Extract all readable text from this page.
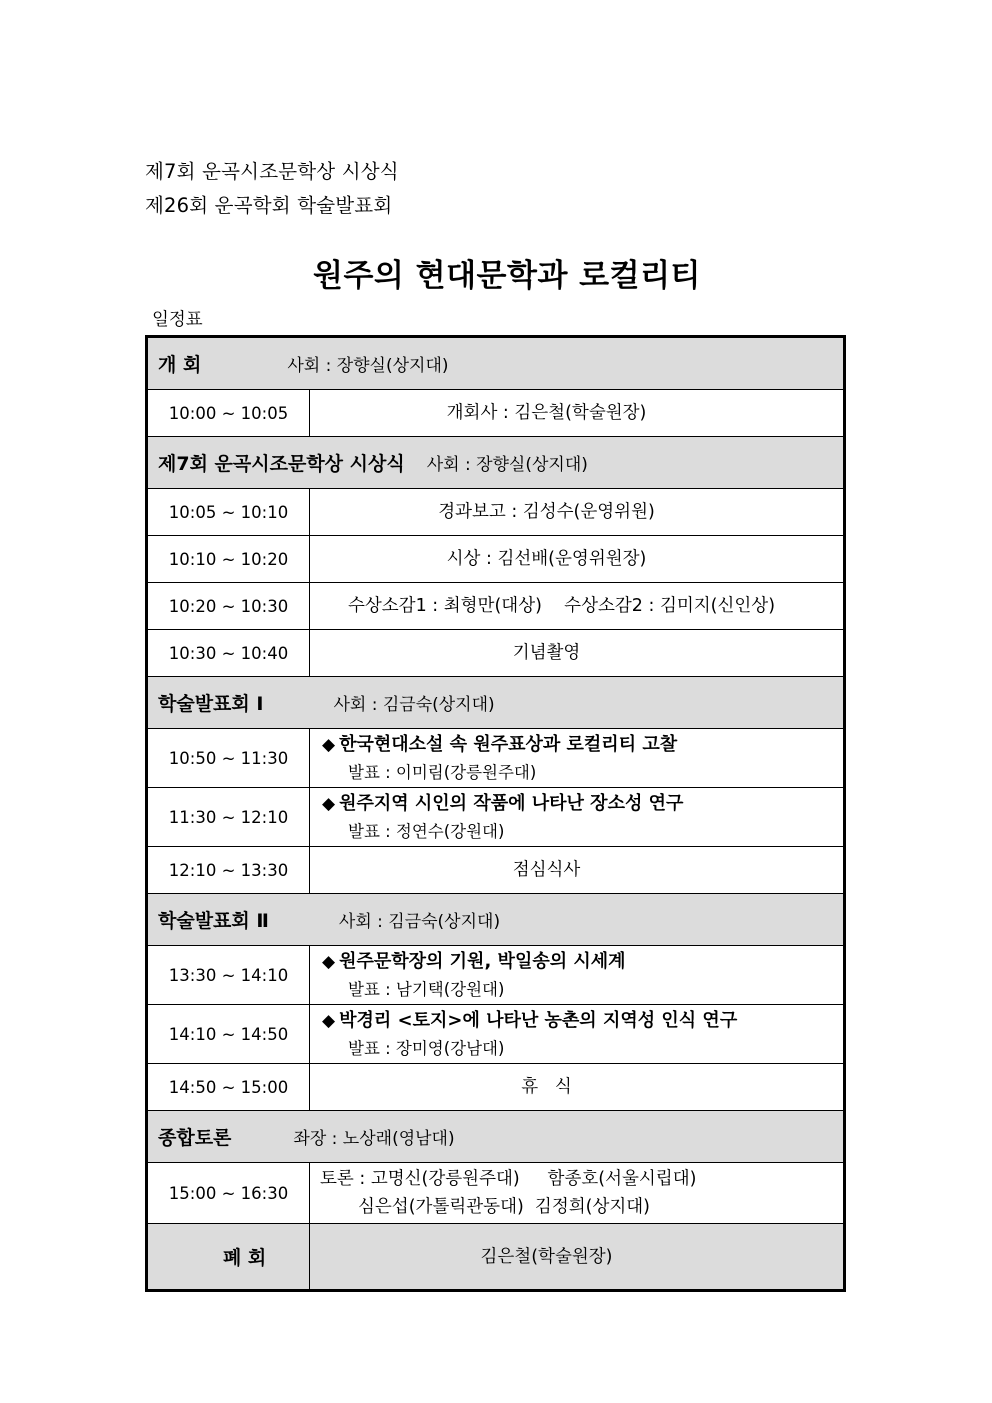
제7회 운곡시조문학상 시상식
제26회 운곡학회 학술발표회
원주의 현대문학과 로컬리티
일정표
개 회 사회 : 장향실(상지대)	

10:00 ~ 10:05	개회사 : 김은철(학술원장)

제7회 운곡시조문학상 시상식 사회 : 장향실(상지대)	

10:05 ~ 10:10	경과보고 : 김성수(운영위원)

10:10 ~ 10:20	시상 : 김선배(운영위원장)

10:20 ~ 10:30	수상소감1 : 최형만(대상)    수상소감2 : 김미지(신인상)

10:30 ~ 10:40	기념촬영

학술발표회 Ⅰ 사회 : 김금숙(상지대)	

10:50 ~ 11:30	◆ 한국현대소설 속 원주표상과 로컬리티 고찰
발표 : 이미림(강릉원주대)

11:30 ~ 12:10	◆ 원주지역 시인의 작품에 나타난 장소성 연구
발표 : 정연수(강원대)

12:10 ~ 13:30	점심식사

학술발표회 Ⅱ 사회 : 김금숙(상지대)	

13:30 ~ 14:10	◆ 원주문학장의 기원, 박일송의 시세계
발표 : 남기택(강원대)

14:10 ~ 14:50	◆ 박경리 <토지>에 나타난 농촌의 지역성 인식 연구
발표 : 장미영(강남대)

14:50 ~ 15:00	휴   식

종합토론 좌장 : 노상래(영남대)	

15:00 ~ 16:30	토론 : 고명신(강릉원주대)     함종호(서울시립대)
심은섭(가톨릭관동대)  김정희(상지대)

폐 회	김은철(학술원장)
